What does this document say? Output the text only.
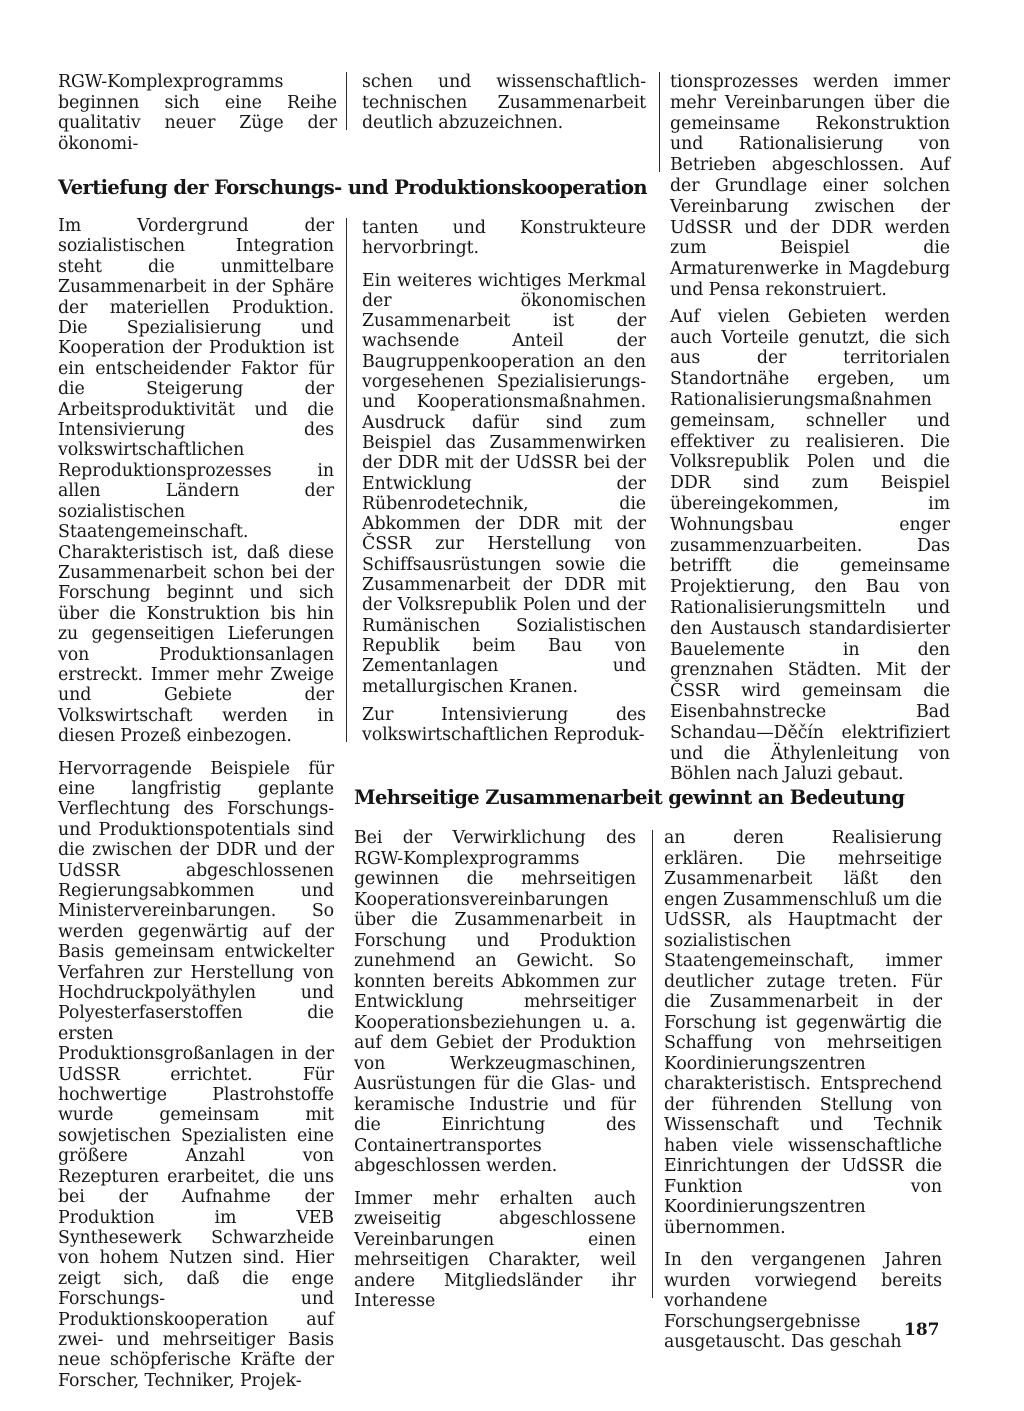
RGW-Komplexprogramms beginnen sich eine Reihe qualitativ neuer Züge der ökonomi-

schen und wissenschaftlich-technischen Zusammenarbeit deutlich abzuzeichnen.

tionsprozesses werden immer mehr Vereinbarungen über die gemeinsame Rekonstruktion und Rationalisierung von Betrieben abgeschlossen. Auf der Grundlage einer solchen Vereinbarung zwischen der UdSSR und der DDR werden zum Beispiel die Armaturenwerke in Magdeburg und Pensa rekonstruiert.

Auf vielen Gebieten werden auch Vorteile genutzt, die sich aus der territorialen Standortnähe ergeben, um Rationalisierungsmaßnahmen gemeinsam, schneller und effektiver zu realisieren. Die Volksrepublik Polen und die DDR sind zum Beispiel übereingekommen, im Wohnungsbau enger zusammenzuarbeiten. Das betrifft die gemeinsame Projektierung, den Bau von Rationalisierungsmitteln und den Austausch standardisierter Bauelemente in den grenznahen Städten. Mit der ČSSR wird gemeinsam die Eisenbahnstrecke Bad Schandau—Děčín elektrifiziert und die Äthylenleitung von Böhlen nach Jaluzi gebaut.

Vertiefung der Forschungs- und Produktionskooperation

Im Vordergrund der sozialistischen Integration steht die unmittelbare Zusammenarbeit in der Sphäre der materiellen Produktion. Die Spezialisierung und Kooperation der Produktion ist ein entscheidender Faktor für die Steigerung der Arbeitsproduktivität und die Intensivierung des volkswirtschaftlichen Reproduktionsprozesses in allen Ländern der sozialistischen Staatengemeinschaft. Charakteristisch ist, daß diese Zusammenarbeit schon bei der Forschung beginnt und sich über die Konstruktion bis hin zu gegenseitigen Lieferungen von Produktionsanlagen erstreckt. Immer mehr Zweige und Gebiete der Volkswirtschaft werden in diesen Prozeß einbezogen.

Hervorragende Beispiele für eine langfristig geplante Verflechtung des Forschungs- und Produktionspotentials sind die zwischen der DDR und der UdSSR abgeschlossenen Regierungsabkommen und Ministervereinbarungen. So werden gegenwärtig auf der Basis gemeinsam entwickelter Verfahren zur Herstellung von Hochdruckpolyäthylen und Polyesterfaserstoffen die ersten Produktionsgroßanlagen in der UdSSR errichtet. Für hochwertige Plastrohstoffe wurde gemeinsam mit sowjetischen Spezialisten eine größere Anzahl von Rezepturen erarbeitet, die uns bei der Aufnahme der Produktion im VEB Synthesewerk Schwarzheide von hohem Nutzen sind. Hier zeigt sich, daß die enge Forschungs- und Produktionskooperation auf zwei- und mehrseitiger Basis neue schöpferische Kräfte der Forscher, Techniker, Projek-

tanten und Konstrukteure hervorbringt.

Ein weiteres wichtiges Merkmal der ökonomischen Zusammenarbeit ist der wachsende Anteil der Baugruppenkooperation an den vorgesehenen Spezialisierungs- und Kooperationsmaßnahmen. Ausdruck dafür sind zum Beispiel das Zusammenwirken der DDR mit der UdSSR bei der Entwicklung der Rübenrodetechnik, die Abkommen der DDR mit der ČSSR zur Herstellung von Schiffsausrüstungen sowie die Zusammenarbeit der DDR mit der Volksrepublik Polen und der Rumänischen Sozialistischen Republik beim Bau von Zementanlagen und metallurgischen Kranen.

Zur Intensivierung des volkswirtschaftlichen Reproduk-

Mehrseitige Zusammenarbeit gewinnt an Bedeutung

Bei der Verwirklichung des RGW-Komplexprogramms gewinnen die mehrseitigen Kooperationsvereinbarungen über die Zusammenarbeit in Forschung und Produktion zunehmend an Gewicht. So konnten bereits Abkommen zur Entwicklung mehrseitiger Kooperationsbeziehungen u. a. auf dem Gebiet der Produktion von Werkzeugmaschinen, Ausrüstungen für die Glas- und keramische Industrie und für die Einrichtung des Containertransportes abgeschlossen werden.

Immer mehr erhalten auch zweiseitig abgeschlossene Vereinbarungen einen mehrseitigen Charakter, weil andere Mitgliedsländer ihr Interesse

an deren Realisierung erklären. Die mehrseitige Zusammenarbeit läßt den engen Zusammenschluß um die UdSSR, als Hauptmacht der sozialistischen Staatengemeinschaft, immer deutlicher zutage treten. Für die Zusammenarbeit in der Forschung ist gegenwärtig die Schaffung von mehrseitigen Koordinierungszentren charakteristisch. Entsprechend der führenden Stellung von Wissenschaft und Technik haben viele wissenschaftliche Einrichtungen der UdSSR die Funktion von Koordinierungszentren übernommen.

In den vergangenen Jahren wurden vorwiegend bereits vorhandene Forschungsergebnisse ausgetauscht. Das geschah

187
